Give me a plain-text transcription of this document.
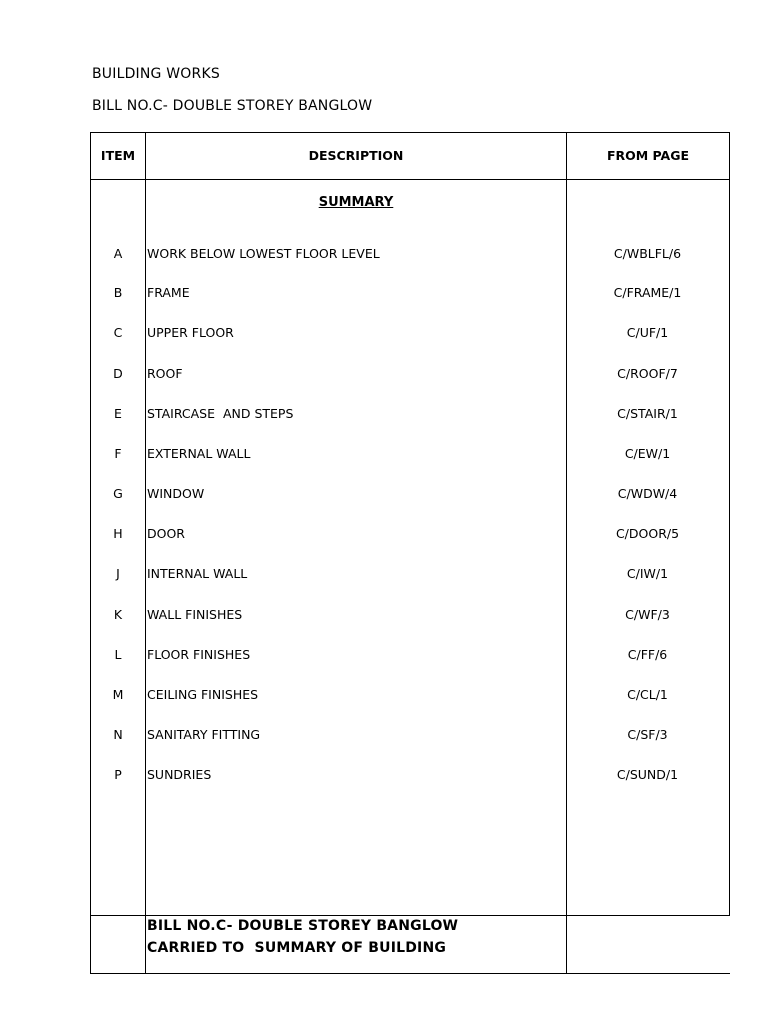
BUILDING WORKS
BILL NO.C- DOUBLE STOREY BANGLOW
ITEM	DESCRIPTION	FROM PAGE
SUMMARY
A	WORK BELOW LOWEST FLOOR LEVEL	C/WBLFL/6
B	FRAME	C/FRAME/1
C	UPPER FLOOR	C/UF/1
D	ROOF	C/ROOF/7
E	STAIRCASE  AND STEPS	C/STAIR/1
F	EXTERNAL WALL	C/EW/1
G	WINDOW	C/WDW/4
H	DOOR	C/DOOR/5
J	INTERNAL WALL	C/IW/1
K	WALL FINISHES	C/WF/3
L	FLOOR FINISHES	C/FF/6
M	CEILING FINISHES	C/CL/1
N	SANITARY FITTING	C/SF/3
P	SUNDRIES	C/SUND/1
BILL NO.C- DOUBLE STOREY BANGLOW
CARRIED TO  SUMMARY OF BUILDING
